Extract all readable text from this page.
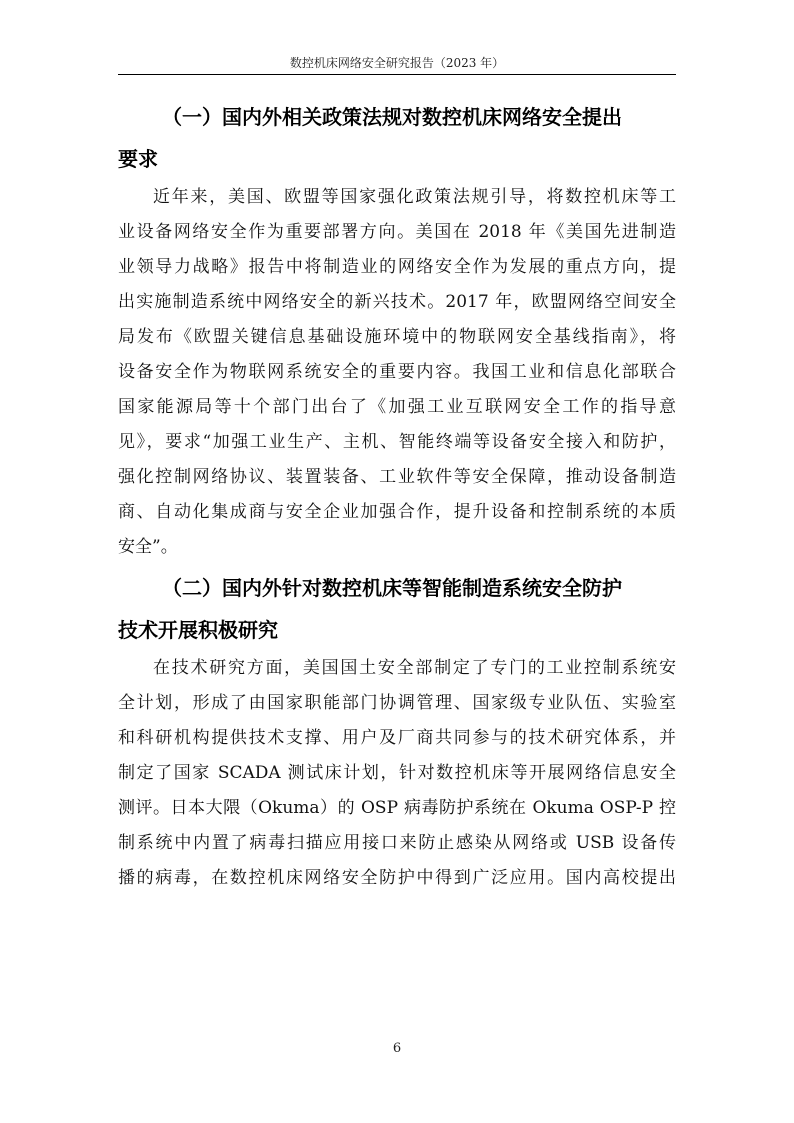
数控机床网络安全研究报告（2023 年）
（一）国内外相关政策法规对数控机床网络安全提出
要求

近年来，美国、欧盟等国家强化政策法规引导，将数控机床等工
业设备网络安全作为重要部署方向。美国在 2018 年《美国先进制造
业领导力战略》报告中将制造业的网络安全作为发展的重点方向，提
出实施制造系统中网络安全的新兴技术。2017 年，欧盟网络空间安全
局发布《欧盟关键信息基础设施环境中的物联网安全基线指南》，将
设备安全作为物联网系统安全的重要内容。我国工业和信息化部联合
国家能源局等十个部门出台了《加强工业互联网安全工作的指导意
见》，要求“加强工业生产、主机、智能终端等设备安全接入和防护，
强化控制网络协议、装置装备、工业软件等安全保障，推动设备制造
商、自动化集成商与安全企业加强合作，提升设备和控制系统的本质
安全”。

（二）国内外针对数控机床等智能制造系统安全防护
技术开展积极研究

在技术研究方面，美国国土安全部制定了专门的工业控制系统安
全计划，形成了由国家职能部门协调管理、国家级专业队伍、实验室
和科研机构提供技术支撑、用户及厂商共同参与的技术研究体系，并
制定了国家 SCADA 测试床计划，针对数控机床等开展网络信息安全
测评。日本大隈（Okuma）的 OSP 病毒防护系统在 Okuma OSP-P 控
制系统中内置了病毒扫描应用接口来防止感染从网络或 USB 设备传
播的病毒，在数控机床网络安全防护中得到广泛应用。国内高校提出

6
